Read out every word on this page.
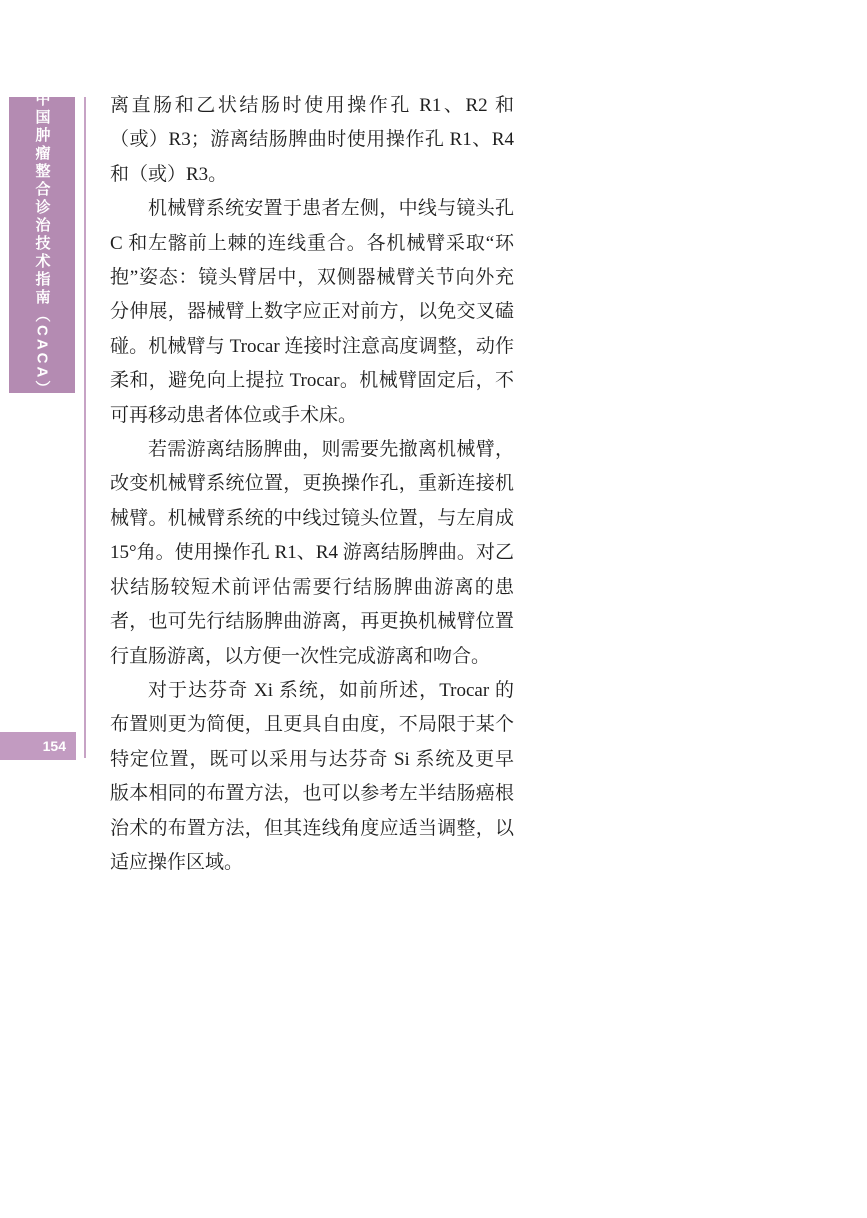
中国肿瘤整合诊治技术指南（CACA）
154

离直肠和乙状结肠时使用操作孔 R1、R2 和（或）R3；游离结肠脾曲时使用操作孔 R1、R4 和（或）R3。

机械臂系统安置于患者左侧，中线与镜头孔 C 和左髂前上棘的连线重合。各机械臂采取“环抱”姿态：镜头臂居中，双侧器械臂关节向外充分伸展，器械臂上数字应正对前方，以免交叉磕碰。机械臂与 Trocar 连接时注意高度调整，动作柔和，避免向上提拉 Trocar。机械臂固定后，不可再移动患者体位或手术床。

若需游离结肠脾曲，则需要先撤离机械臂，改变机械臂系统位置，更换操作孔，重新连接机械臂。机械臂系统的中线过镜头位置，与左肩成 15°角。使用操作孔 R1、R4 游离结肠脾曲。对乙状结肠较短术前评估需要行结肠脾曲游离的患者，也可先行结肠脾曲游离，再更换机械臂位置行直肠游离，以方便一次性完成游离和吻合。

对于达芬奇 Xi 系统，如前所述，Trocar 的布置则更为简便，且更具自由度，不局限于某个特定位置，既可以采用与达芬奇 Si 系统及更早版本相同的布置方法，也可以参考左半结肠癌根治术的布置方法，但其连线角度应适当调整，以适应操作区域。
